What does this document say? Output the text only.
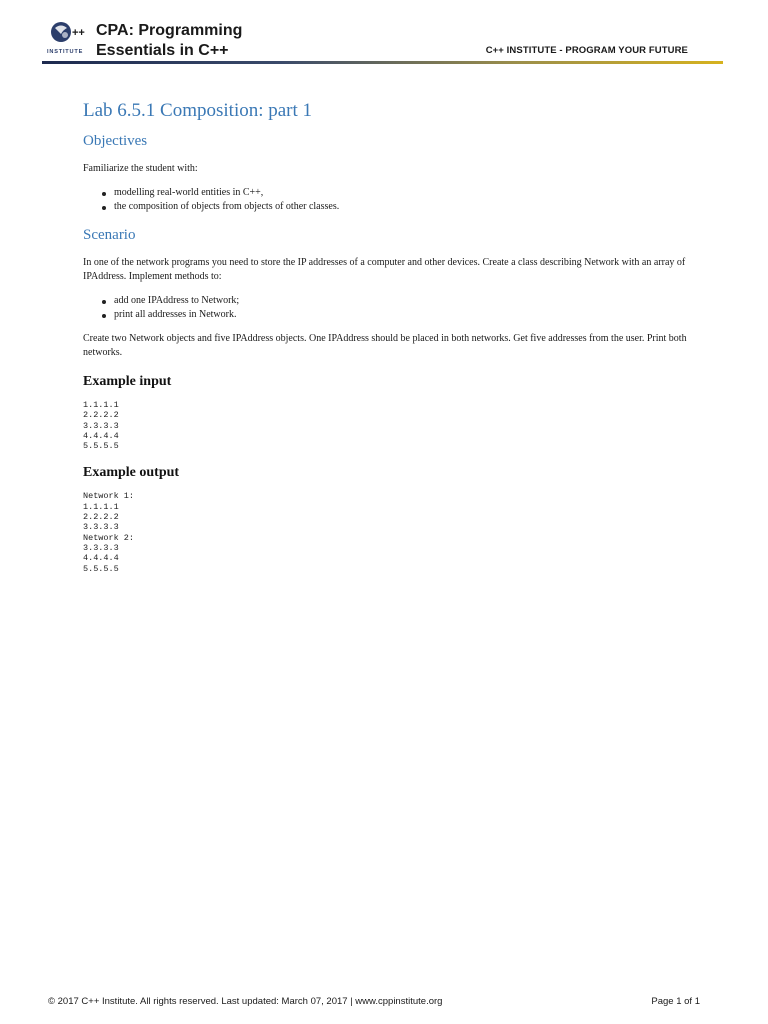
++
INSTITUTE
CPA: Programming
Essentials in C++	C++ INSTITUTE - PROGRAM YOUR FUTURE
Lab 6.5.1 Composition: part 1
Objectives

Familiarize the student with:

modelling real-world entities in C++,
the composition of objects from objects of other classes.
Scenario

In one of the network programs you need to store the IP addresses of a computer and other devices. Create a class describing Network with an array of IPAddress. Implement methods to:

add one IPAddress to Network;
print all addresses in Network.

Create two Network objects and five IPAddress objects. One IPAddress should be placed in both networks. Get five addresses from the user. Print both networks.

Example input
1.1.1.1
2.2.2.2
3.3.3.3
4.4.4.4
5.5.5.5
Example output
Network 1:
1.1.1.1
2.2.2.2
3.3.3.3
Network 2:
3.3.3.3
4.4.4.4
5.5.5.5
© 2017 C++ Institute. All rights reserved. Last updated: March 07, 2017 | www.cppinstitute.org	Page 1 of 1
